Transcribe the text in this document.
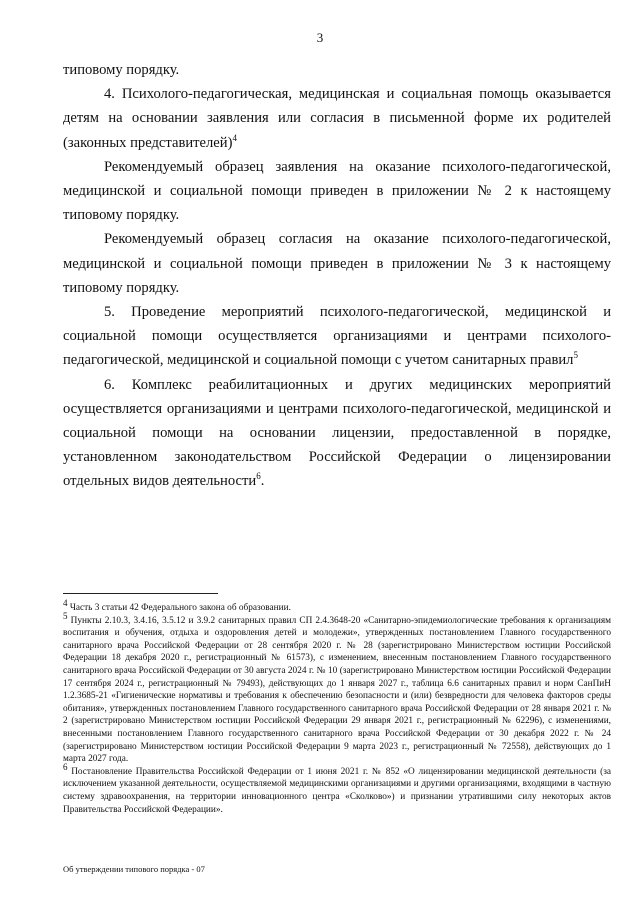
3

типовому порядку.

4. Психолого-педагогическая, медицинская и социальная помощь оказывается детям на основании заявления или согласия в письменной форме их родителей (законных представителей)$^4$

Рекомендуемый образец заявления на оказание психолого-педагогической, медицинской и социальной помощи приведен в приложении № 2 к настоящему типовому порядку.

Рекомендуемый образец согласия на оказание психолого-педагогической, медицинской и социальной помощи приведен в приложении № 3 к настоящему типовому порядку.

5. Проведение мероприятий психолого-педагогической, медицинской и социальной помощи осуществляется организациями и центрами психолого-педагогической, медицинской и социальной помощи с учетом санитарных правил$^5$

6. Комплекс реабилитационных и других медицинских мероприятий осуществляется организациями и центрами психолого-педагогической, медицинской и социальной помощи на основании лицензии, предоставленной в порядке, установленном законодательством Российской Федерации о лицензировании отдельных видов деятельности$^6$.

$^4$ Часть 3 статьи 42 Федерального закона об образовании.

$^5$ Пункты 2.10.3, 3.4.16, 3.5.12 и 3.9.2 санитарных правил СП 2.4.3648-20 «Санитарно-эпидемиологические требования к организациям воспитания и обучения, отдыха и оздоровления детей и молодежи», утвержденных постановлением Главного государственного санитарного врача Российской Федерации от 28 сентября 2020 г. № 28 (зарегистрировано Министерством юстиции Российской Федерации 18 декабря 2020 г., регистрационный № 61573), с изменением, внесенным постановлением Главного государственного санитарного врача Российской Федерации от 30 августа 2024 г. № 10 (зарегистрировано Министерством юстиции Российской Федерации 17 сентября 2024 г., регистрационный № 79493), действующих до 1 января 2027 г., таблица 6.6 санитарных правил и норм СанПиН 1.2.3685-21 «Гигиенические нормативы и требования к обеспечению безопасности и (или) безвредности для человека факторов среды обитания», утвержденных постановлением Главного государственного санитарного врача Российской Федерации от 28 января 2021 г. № 2 (зарегистрировано Министерством юстиции Российской Федерации 29 января 2021 г., регистрационный № 62296), с изменениями, внесенными постановлением Главного государственного санитарного врача Российской Федерации от 30 декабря 2022 г. № 24 (зарегистрировано Министерством юстиции Российской Федерации 9 марта 2023 г., регистрационный № 72558), действующих до 1 марта 2027 года.

$^6$ Постановление Правительства Российской Федерации от 1 июня 2021 г. № 852 «О лицензировании медицинской деятельности (за исключением указанной деятельности, осуществляемой медицинскими организациями и другими организациями, входящими в частную систему здравоохранения, на территории инновационного центра «Сколково») и признании утратившими силу некоторых актов Правительства Российской Федерации».

Об утверждении типового порядка - 07
